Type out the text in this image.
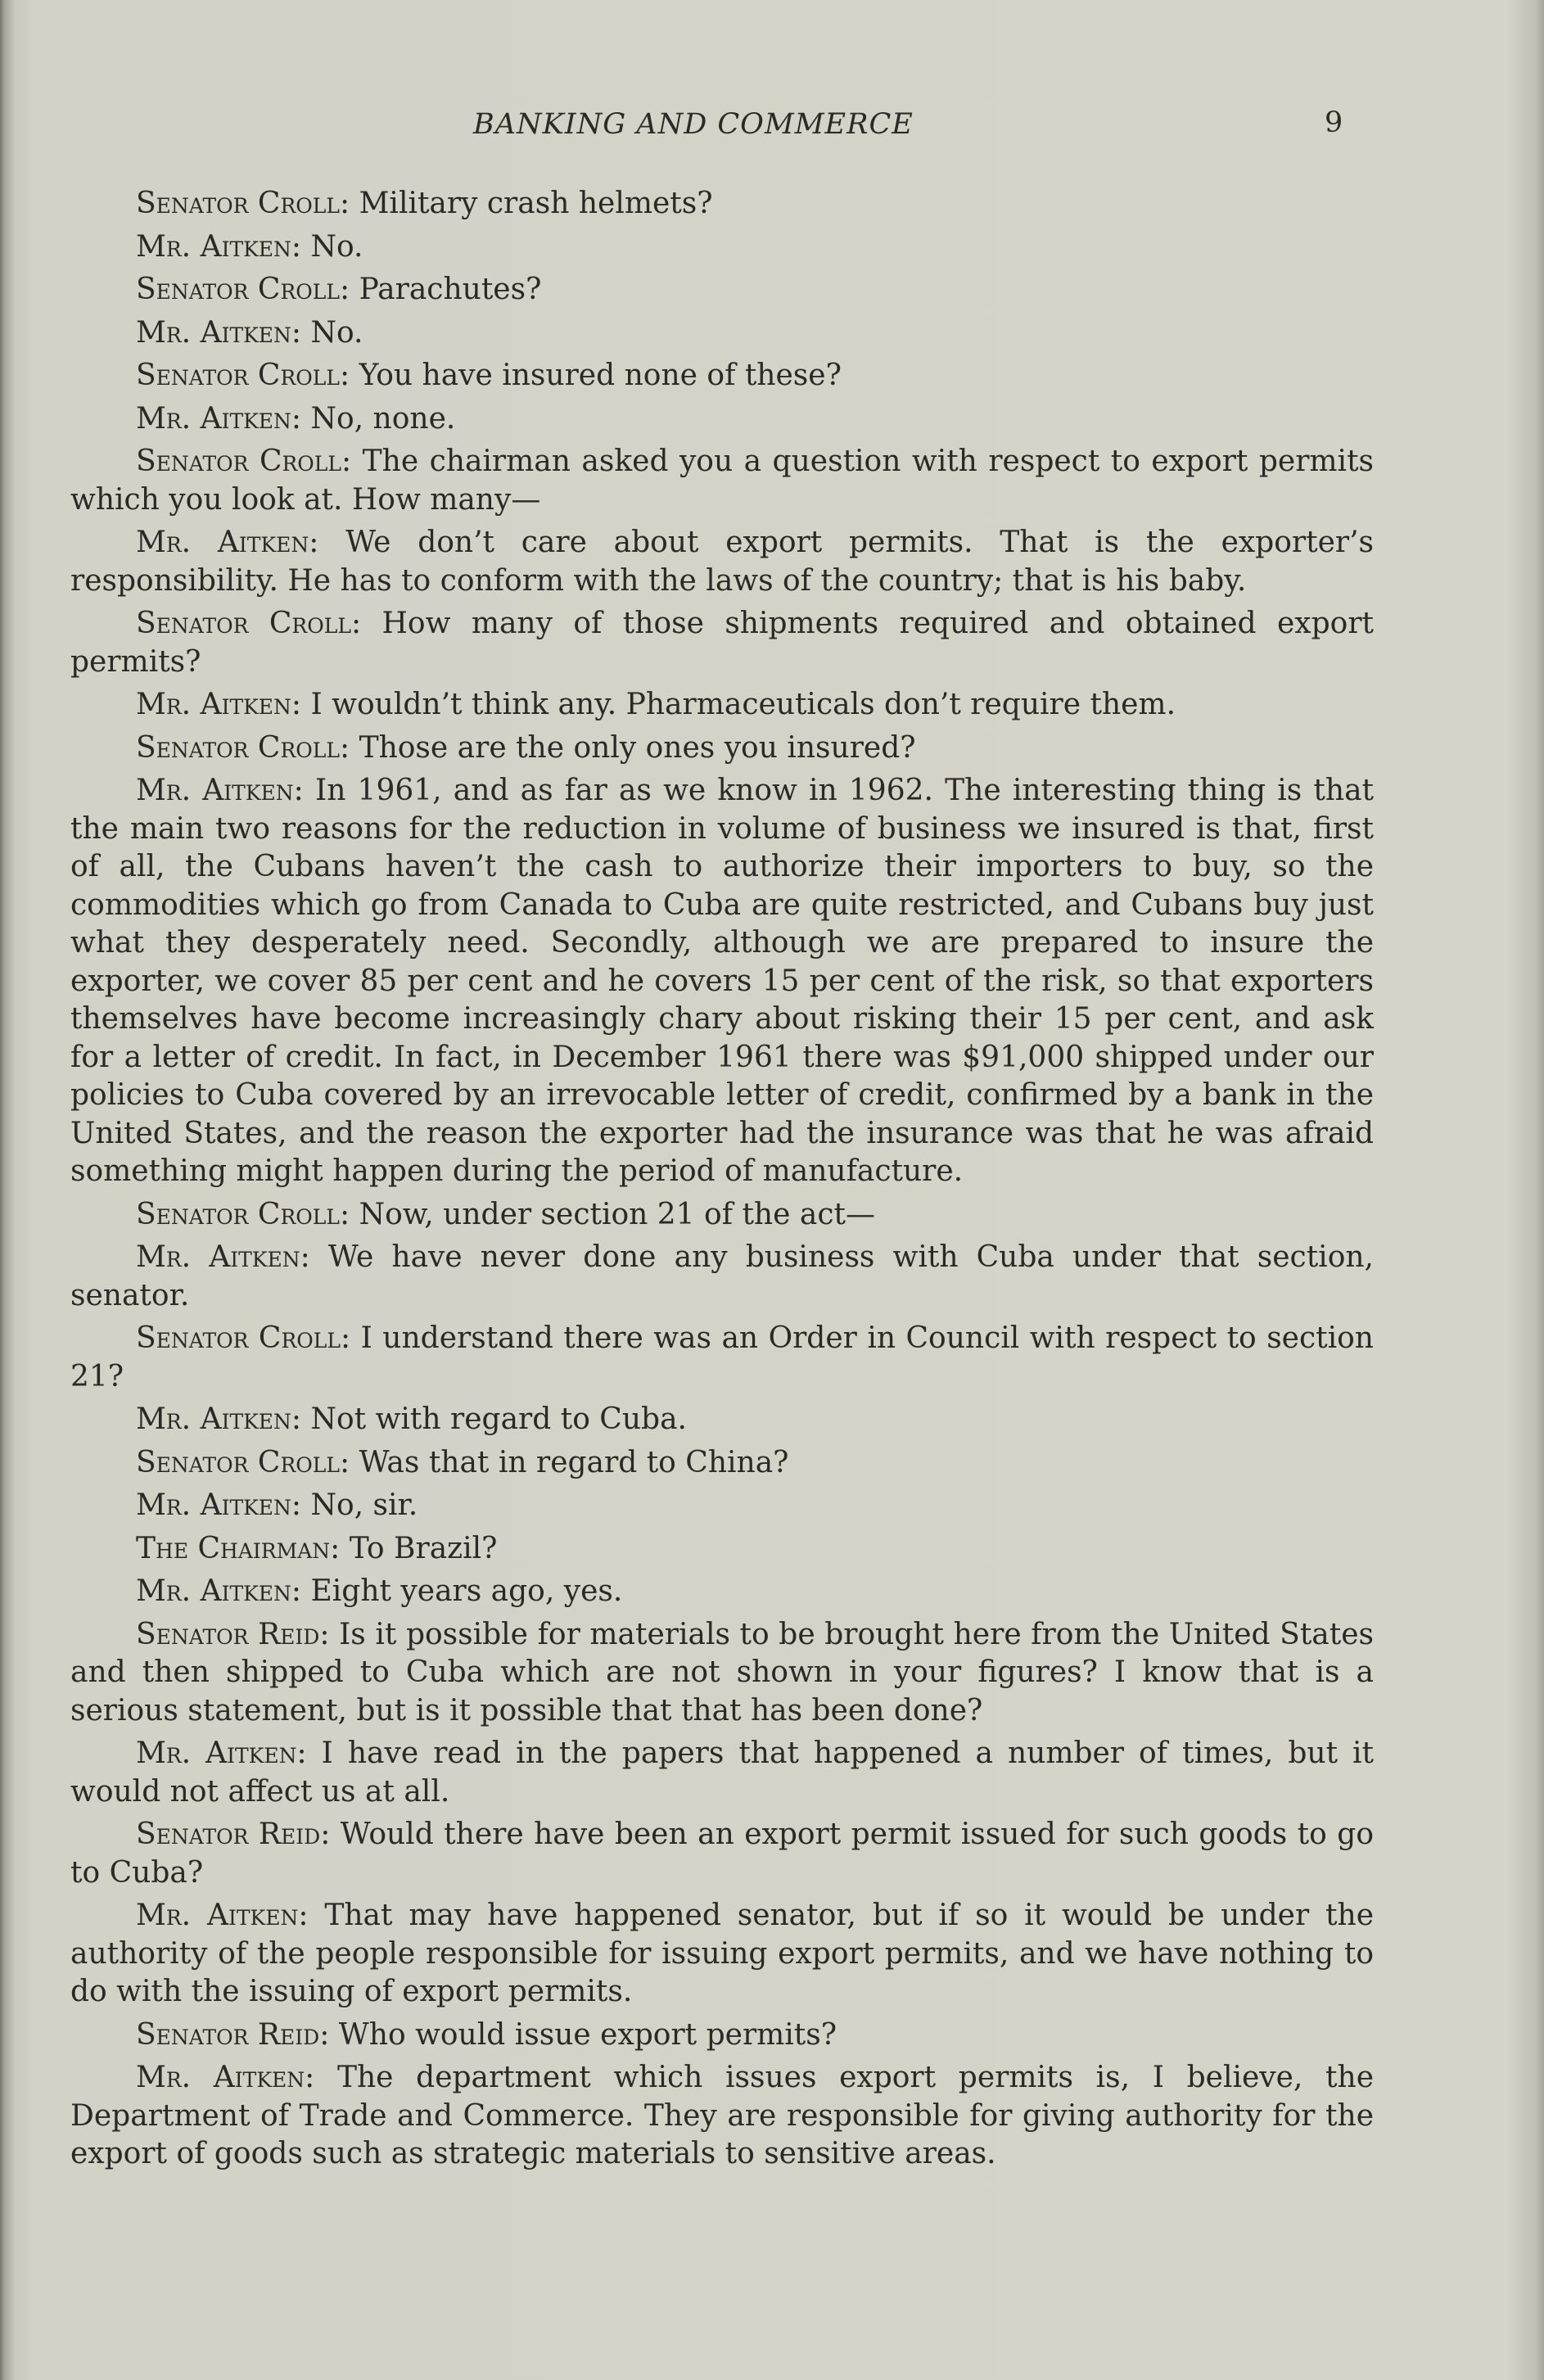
BANKING AND COMMERCE	9

Senator Croll: Military crash helmets?

Mr. Aitken: No.

Senator Croll: Parachutes?

Mr. Aitken: No.

Senator Croll: You have insured none of these?

Mr. Aitken: No, none.

Senator Croll: The chairman asked you a question with respect to export permits which you look at. How many—

Mr. Aitken: We don’t care about export permits. That is the exporter’s responsibility. He has to conform with the laws of the country; that is his baby.

Senator Croll: How many of those shipments required and obtained export permits?

Mr. Aitken: I wouldn’t think any. Pharmaceuticals don’t require them.

Senator Croll: Those are the only ones you insured?

Mr. Aitken: In 1961, and as far as we know in 1962. The interesting thing is that the main two reasons for the reduction in volume of business we insured is that, first of all, the Cubans haven’t the cash to authorize their importers to buy, so the commodities which go from Canada to Cuba are quite restricted, and Cubans buy just what they desperately need. Secondly, although we are prepared to insure the exporter, we cover 85 per cent and he covers 15 per cent of the risk, so that exporters themselves have become increasingly chary about risking their 15 per cent, and ask for a letter of credit. In fact, in December 1961 there was $91,000 shipped under our policies to Cuba covered by an irrevocable letter of credit, confirmed by a bank in the United States, and the reason the exporter had the insurance was that he was afraid something might happen during the period of manufacture.

Senator Croll: Now, under section 21 of the act—

Mr. Aitken: We have never done any business with Cuba under that section, senator.

Senator Croll: I understand there was an Order in Council with respect to section 21?

Mr. Aitken: Not with regard to Cuba.

Senator Croll: Was that in regard to China?

Mr. Aitken: No, sir.

The Chairman: To Brazil?

Mr. Aitken: Eight years ago, yes.

Senator Reid: Is it possible for materials to be brought here from the United States and then shipped to Cuba which are not shown in your figures? I know that is a serious statement, but is it possible that that has been done?

Mr. Aitken: I have read in the papers that happened a number of times, but it would not affect us at all.

Senator Reid: Would there have been an export permit issued for such goods to go to Cuba?

Mr. Aitken: That may have happened senator, but if so it would be under the authority of the people responsible for issuing export permits, and we have nothing to do with the issuing of export permits.

Senator Reid: Who would issue export permits?

Mr. Aitken: The department which issues export permits is, I believe, the Department of Trade and Commerce. They are responsible for giving authority for the export of goods such as strategic materials to sensitive areas.
